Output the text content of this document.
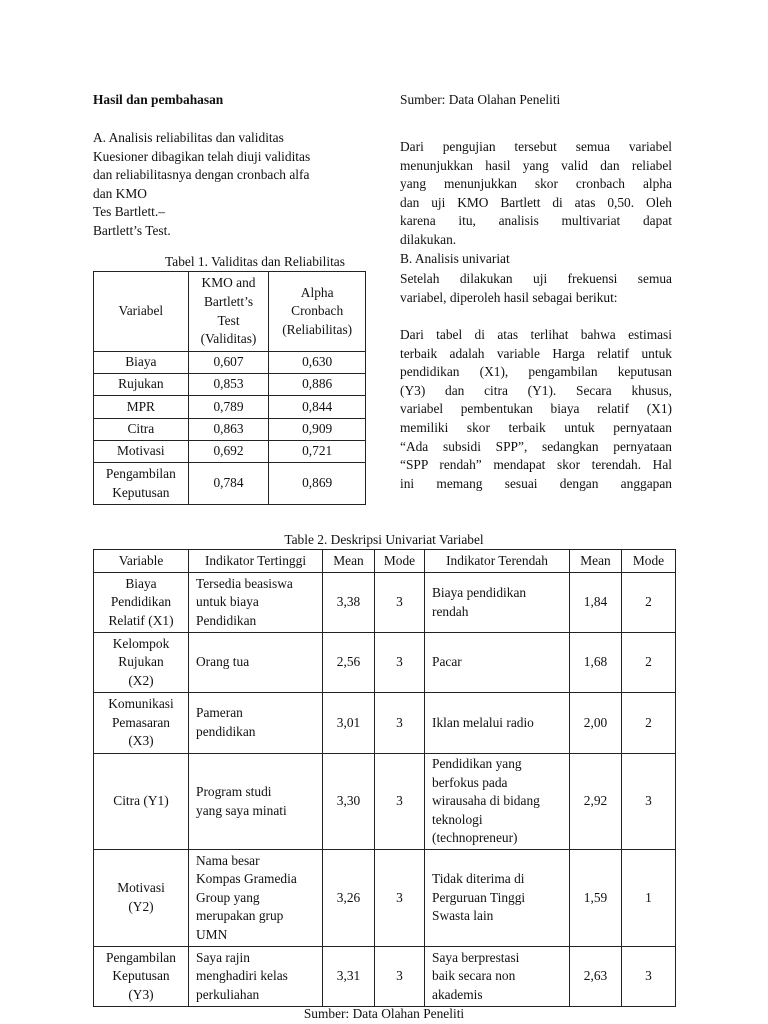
Hasil dan pembahasan
A. Analisis reliabilitas dan validitas
Kuesioner dibagikan telah diuji validitas
dan reliabilitasnya dengan cronbach alfa
dan KMO
Tes Bartlett.–
Bartlett’s Test.
Tabel 1. Validitas dan Reliabilitas
Variabel	KMO and
Bartlett’s
Test
(Validitas)	Alpha
Cronbach
(Reliabilitas)

Biaya	0,607	0,630
Rujukan	0,853	0,886
MPR	0,789	0,844
Citra	0,863	0,909
Motivasi	0,692	0,721

Pengambilan
Keputusan	0,784	0,869
Sumber: Data Olahan Peneliti
Dari pengujian tersebut semua variabel
menunjukkan hasil yang valid dan reliabel
yang menunjukkan skor cronbach alpha
dan uji KMO Bartlett di atas 0,50. Oleh
karena itu, analisis multivariat dapat
dilakukan.
B. Analisis univariat
Setelah dilakukan uji frekuensi semua
variabel, diperoleh hasil sebagai berikut:
Dari tabel di atas terlihat bahwa estimasi
terbaik adalah variable Harga relatif untuk
pendidikan (X1), pengambilan keputusan
(Y3) dan citra (Y1). Secara khusus,
variabel pembentukan biaya relatif (X1)
memiliki skor terbaik untuk pernyataan
“Ada subsidi SPP”, sedangkan pernyataan
“SPP rendah” mendapat skor terendah. Hal
ini memang sesuai dengan anggapan
Table 2. Deskripsi Univariat Variabel
Variable	Indikator Tertinggi	Mean	Mode	Indikator Terendah	Mean	Mode

Biaya
Pendidikan
Relatif (X1)	Tersedia beasiswa
untuk biaya
Pendidikan	3,38	3	Biaya pendidikan
rendah	1,84	2

Kelompok
Rujukan
(X2)	Orang tua	2,56	3	Pacar	1,68	2

Komunikasi
Pemasaran
(X3)	Pameran
pendidikan	3,01	3	Iklan melalui radio	2,00	2

Citra (Y1)	Program studi
yang saya minati	3,30	3	Pendidikan yang
berfokus pada
wirausaha di bidang
teknologi
(technopreneur)	2,92	3

Motivasi
(Y2)	Nama besar
Kompas Gramedia
Group yang
merupakan grup
UMN	3,26	3	Tidak diterima di
Perguruan Tinggi
Swasta lain	1,59	1

Pengambilan
Keputusan
(Y3)	Saya rajin
menghadiri kelas
perkuliahan	3,31	3	Saya berprestasi
baik secara non
akademis	2,63	3
Sumber: Data Olahan Peneliti
